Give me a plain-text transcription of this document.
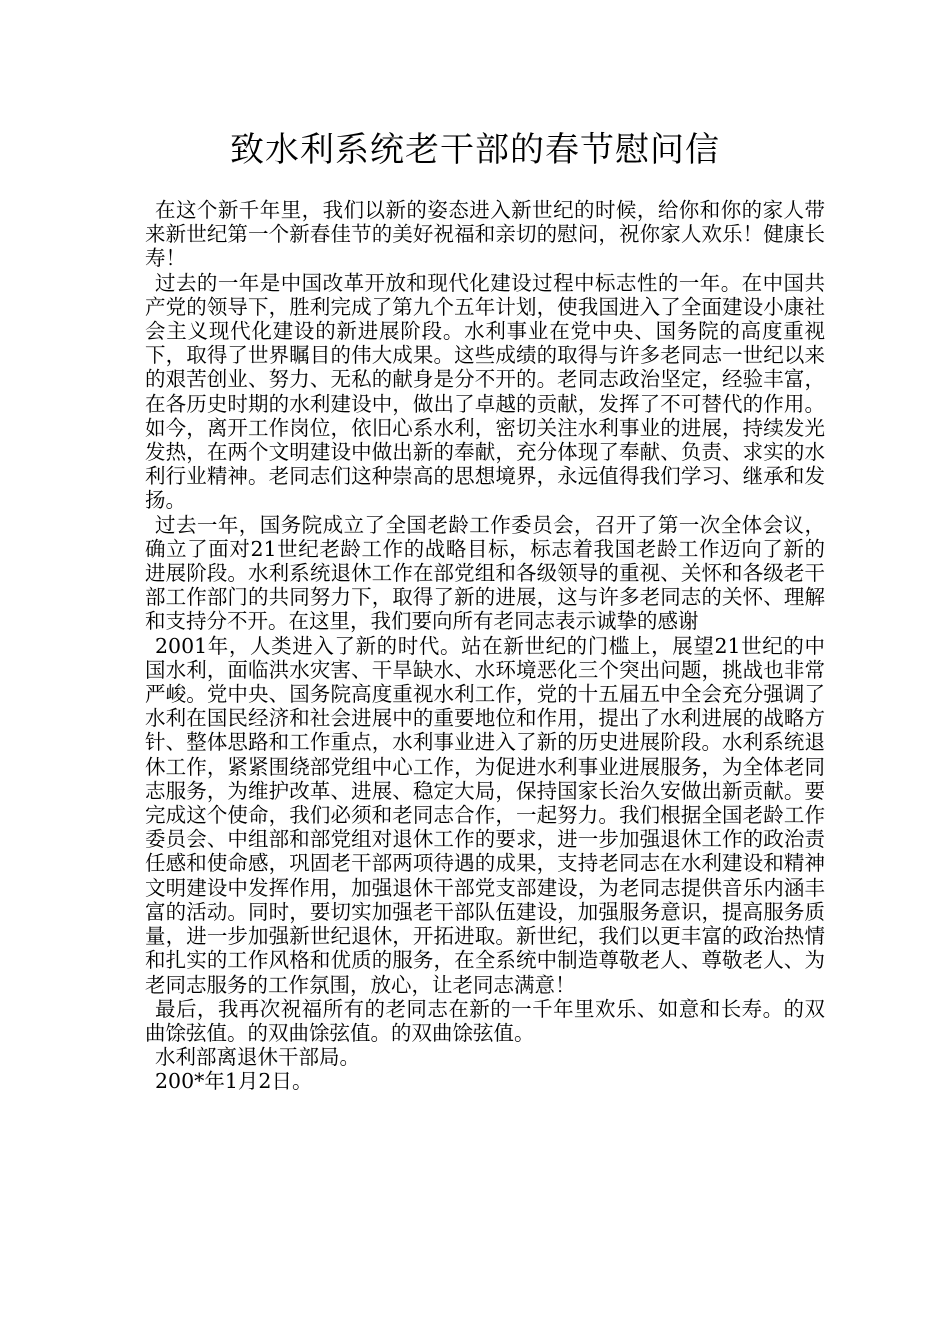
致水利系统老干部的春节慰问信

在这个新千年里，我们以新的姿态进入新世纪的时候，给你和你的家人带来新世纪第一个新春佳节的美好祝福和亲切的慰问，祝你家人欢乐！健康长寿！

过去的一年是中国改革开放和现代化建设过程中标志性的一年。在中国共产党的领导下，胜利完成了第九个五年计划，使我国进入了全面建设小康社会主义现代化建设的新进展阶段。水利事业在党中央、国务院的高度重视下，取得了世界瞩目的伟大成果。这些成绩的取得与许多老同志一世纪以来的艰苦创业、努力、无私的献身是分不开的。老同志政治坚定，经验丰富，在各历史时期的水利建设中，做出了卓越的贡献，发挥了不可替代的作用。如今，离开工作岗位，依旧心系水利，密切关注水利事业的进展，持续发光发热，在两个文明建设中做出新的奉献，充分体现了奉献、负责、求实的水利行业精神。老同志们这种崇高的思想境界，永远值得我们学习、继承和发扬。

过去一年，国务院成立了全国老龄工作委员会，召开了第一次全体会议，确立了面对21世纪老龄工作的战略目标，标志着我国老龄工作迈向了新的进展阶段。水利系统退休工作在部党组和各级领导的重视、关怀和各级老干部工作部门的共同努力下，取得了新的进展，这与许多老同志的关怀、理解和支持分不开。在这里，我们要向所有老同志表示诚挚的感谢

2001年，人类进入了新的时代。站在新世纪的门槛上，展望21世纪的中国水利，面临洪水灾害、干旱缺水、水环境恶化三个突出问题，挑战也非常严峻。党中央、国务院高度重视水利工作，党的十五届五中全会充分强调了水利在国民经济和社会进展中的重要地位和作用，提出了水利进展的战略方针、整体思路和工作重点，水利事业进入了新的历史进展阶段。水利系统退休工作，紧紧围绕部党组中心工作，为促进水利事业进展服务，为全体老同志服务，为维护改革、进展、稳定大局，保持国家长治久安做出新贡献。要完成这个使命，我们必须和老同志合作，一起努力。我们根据全国老龄工作委员会、中组部和部党组对退休工作的要求，进一步加强退休工作的政治责任感和使命感，巩固老干部两项待遇的成果，支持老同志在水利建设和精神文明建设中发挥作用，加强退休干部党支部建设，为老同志提供音乐内涵丰富的活动。同时，要切实加强老干部队伍建设，加强服务意识，提高服务质量，进一步加强新世纪退休，开拓进取。新世纪，我们以更丰富的政治热情和扎实的工作风格和优质的服务，在全系统中制造尊敬老人、尊敬老人、为老同志服务的工作氛围，放心，让老同志满意！

最后，我再次祝福所有的老同志在新的一千年里欢乐、如意和长寿。的双曲馀弦值。的双曲馀弦值。的双曲馀弦值。

水利部离退休干部局。

200*年1月2日。
